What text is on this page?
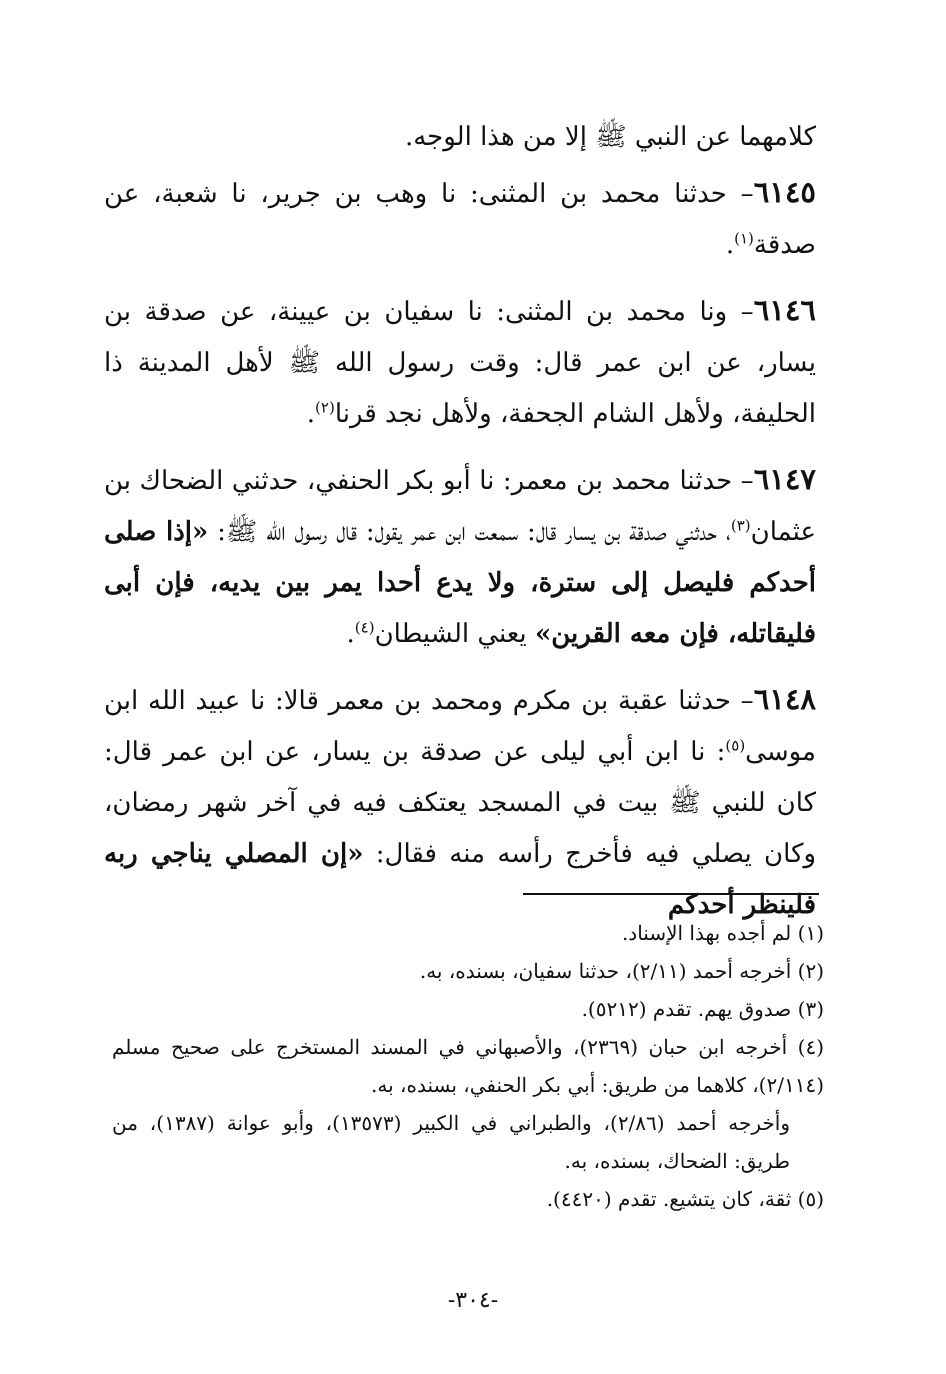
كلامهما عن النبي ﷺ إلا من هذا الوجه.

٦١٤٥– حدثنا محمد بن المثنى: نا وهب بن جرير، نا شعبة، عن صدقة$^{(١)}$.

٦١٤٦– ونا محمد بن المثنى: نا سفيان بن عيينة، عن صدقة بن يسار، عن ابن عمر قال: وقت رسول الله ﷺ لأهل المدينة ذا الحليفة، ولأهل الشام الجحفة، ولأهل نجد قرنا$^{(٢)}$.

٦١٤٧– حدثنا محمد بن معمر: نا أبو بكر الحنفي، حدثني الضحاك بن عثمان$^{(٣)}$، حدثني صدقة بن يسار قال: سمعت ابن عمر يقول: قال رسول الله ﷺ: «إذا صلى أحدكم فليصل إلى سترة، ولا يدع أحدا يمر بين يديه، فإن أبى فليقاتله، فإن معه القرين» يعني الشيطان$^{(٤)}$.

٦١٤٨– حدثنا عقبة بن مكرم ومحمد بن معمر قالا: نا عبيد الله ابن موسى$^{(٥)}$: نا ابن أبي ليلى عن صدقة بن يسار، عن ابن عمر قال: كان للنبي ﷺ بيت في المسجد يعتكف فيه في آخر شهر رمضان، وكان يصلي فيه فأخرج رأسه منه فقال: «إن المصلي يناجي ربه فلينظر أحدكم

(١) لم أجده بهذا الإسناد.

(٢) أخرجه أحمد (٢/١١)، حدثنا سفيان، بسنده، به.

(٣) صدوق يهم. تقدم (٥٢١٢).

(٤) أخرجه ابن حبان (٢٣٦٩)، والأصبهاني في المسند المستخرج على صحيح مسلم (٢/١١٤)، كلاهما من طريق: أبي بكر الحنفي، بسنده، به.

وأخرجه أحمد (٢/٨٦)، والطبراني في الكبير (١٣٥٧٣)، وأبو عوانة (١٣٨٧)، من طريق: الضحاك، بسنده، به.

(٥) ثقة، كان يتشيع. تقدم (٤٤٢٠).

-٣٠٤-
